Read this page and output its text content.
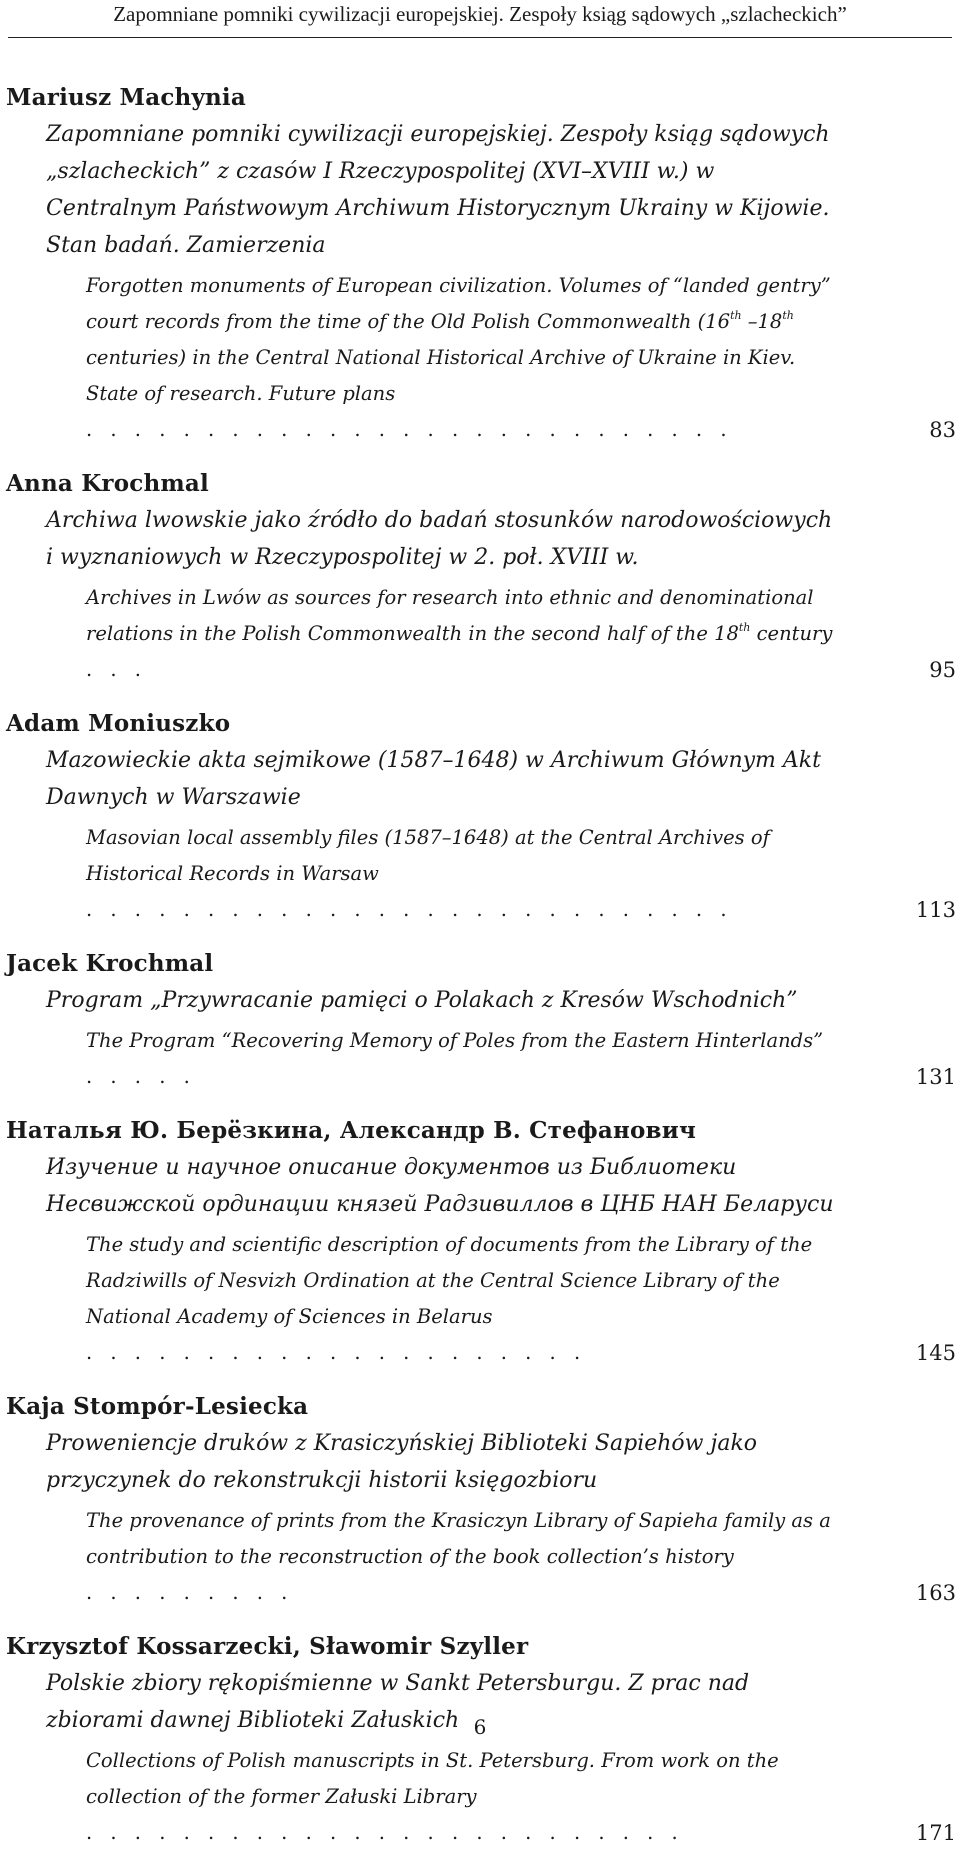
Zapomniane pomniki cywilizacji europejskiej. Zespoły ksiąg sądowych „szlacheckich”
Mariusz Machynia
Zapomniane pomniki cywilizacji europejskiej. Zespoły ksiąg sądowych „szlacheckich” z czasów I Rzeczypospolitej (XVI–XVIII w.) w Centralnym Państwowym Archiwum Historycznym Ukrainy w Kijowie. Stan badań. Zamierzenia
Forgotten monuments of European civilization. Volumes of “landed gentry” court records from the time of the Old Polish Commonwealth (16th –18th centuries) in the Central National Historical Archive of Ukraine in Kiev. State of research. Future plans . . . . . . . . . . . . . . . . . . . . . . . . . . .	83
Anna Krochmal
Archiwa lwowskie jako źródło do badań stosunków narodowościowych i wyznaniowych w Rzeczypospolitej w 2. poł. XVIII w.
Archives in Lwów as sources for research into ethnic and denominational relations in the Polish Commonwealth in the second half of the 18th century . . .	95
Adam Moniuszko
Mazowieckie akta sejmikowe (1587–1648) w Archiwum Głównym Akt Dawnych w Warszawie
Masovian local assembly files (1587–1648) at the Central Archives of Historical Records in Warsaw . . . . . . . . . . . . . . . . . . . . . . . . . . .	113
Jacek Krochmal
Program „Przywracanie pamięci o Polakach z Kresów Wschodnich”
The Program “Recovering Memory of Poles from the Eastern Hinterlands” . . . . .	131
Наталья Ю. Берёзкина, Александр В. Стефанович
Изучение и научное описание документов из Библиотеки Несвижской ординации князей Радзивиллов в ЦНБ НАН Беларуси
The study and scientific description of documents from the Library of the Radziwills of Nesvizh Ordination at the Central Science Library of the National Academy of Sciences in Belarus . . . . . . . . . . . . . . . . . . . . .	145
Kaja Stompór-Lesiecka
Proweniencje druków z Krasiczyńskiej Biblioteki Sapiehów jako przyczynek do rekonstrukcji historii księgozbioru
The provenance of prints from the Krasiczyn Library of Sapieha family as a contribution to the reconstruction of the book collection’s history . . . . . . . . .	163
Krzysztof Kossarzecki, Sławomir Szyller
Polskie zbiory rękopiśmienne w Sankt Petersburgu. Z prac nad zbiorami dawnej Biblioteki Załuskich
Collections of Polish manuscripts in St. Petersburg. From work on the collection of the former Załuski Library . . . . . . . . . . . . . . . . . . . . . . . . .	171
6
